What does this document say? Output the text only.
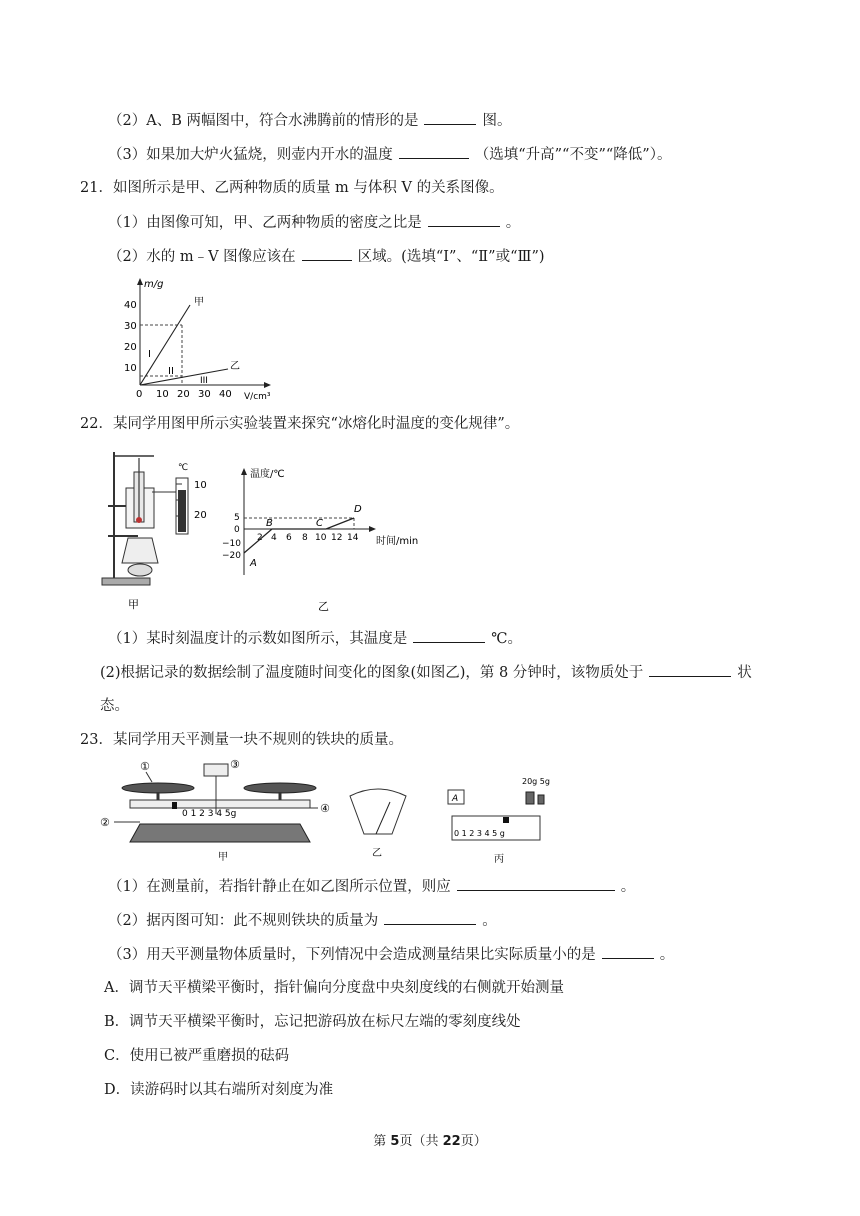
（2）A、B 两幅图中，符合水沸腾前的情形的是	图。
（3）如果加大炉火猛烧，则壶内开水的温度	（选填“升高”“不变”“降低”）。
21．如图所示是甲、乙两种物质的质量 m 与体积 V 的关系图像。
（1）由图像可知，甲、乙两种物质的密度之比是	。
（2）水的 m﹣V 图像应该在	区域。(选填“Ⅰ”、“Ⅱ”或“Ⅲ”)
m/g
V/cm³
40
30
20
10
0 10 20 30 40
甲
乙
I
II
III
22．某同学用图甲所示实验装置来探究“冰熔化时温度的变化规律”。
℃
10
20
甲
温度/℃
时间/min
5
0
−10
−20
2 4 6 8 10 12 14
A
B	C
D
乙
（1）某时刻温度计的示数如图所示，其温度是	℃。
(2)根据记录的数据绘制了温度随时间变化的图象(如图乙)，第 8 分钟时，该物质处于	状
态。
23．某同学用天平测量一块不规则的铁块的质量。
①
0 1 2 3 4 5g
③
②
④
甲	乙
A
20g 5g
0 1 2 3 4 5 g
丙
（1）在测量前，若指针静止在如乙图所示位置，则应	。
（2）据丙图可知：此不规则铁块的质量为	。
（3）用天平测量物体质量时，下列情况中会造成测量结果比实际质量小的是	。
A．调节天平横梁平衡时，指针偏向分度盘中央刻度线的右侧就开始测量
B．调节天平横梁平衡时，忘记把游码放在标尺左端的零刻度线处
C．使用已被严重磨损的砝码
D．读游码时以其右端所对刻度为准
第 5页（共 22页）
